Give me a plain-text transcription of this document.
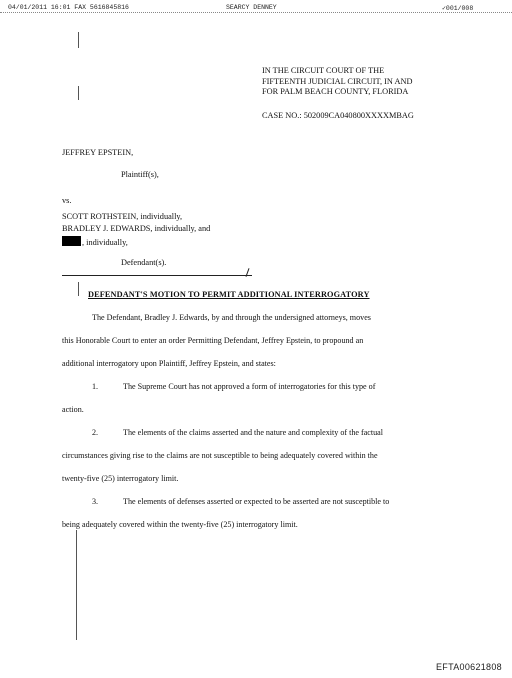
04/01/2011 16:01 FAX 5616845816	SEARCY DENNEY	✓001/008
IN THE CIRCUIT COURT OF THE
FIFTEENTH JUDICIAL CIRCUIT, IN AND
FOR PALM BEACH COUNTY, FLORIDA
CASE NO.: 502009CA040800XXXXMBAG
JEFFREY EPSTEIN,
Plaintiff(s),
vs.
SCOTT ROTHSTEIN, individually,
BRADLEY J. EDWARDS, individually, and
, individually,
Defendant(s).
DEFENDANT'S MOTION TO PERMIT ADDITIONAL INTERROGATORY
The Defendant, Bradley J. Edwards, by and through the undersigned attorneys, moves
this Honorable Court to enter an order Permitting Defendant, Jeffrey Epstein, to propound an
additional interrogatory upon Plaintiff, Jeffrey Epstein, and states:
1.	The Supreme Court has not approved a form of interrogatories for this type of
action.
2.	The elements of the claims asserted and the nature and complexity of the factual
circumstances giving rise to the claims are not susceptible to being adequately covered within the
twenty-five (25) interrogatory limit.
3.	The elements of defenses asserted or expected to be asserted are not susceptible to
being adequately covered within the twenty-five (25) interrogatory limit.
EFTA00621808
